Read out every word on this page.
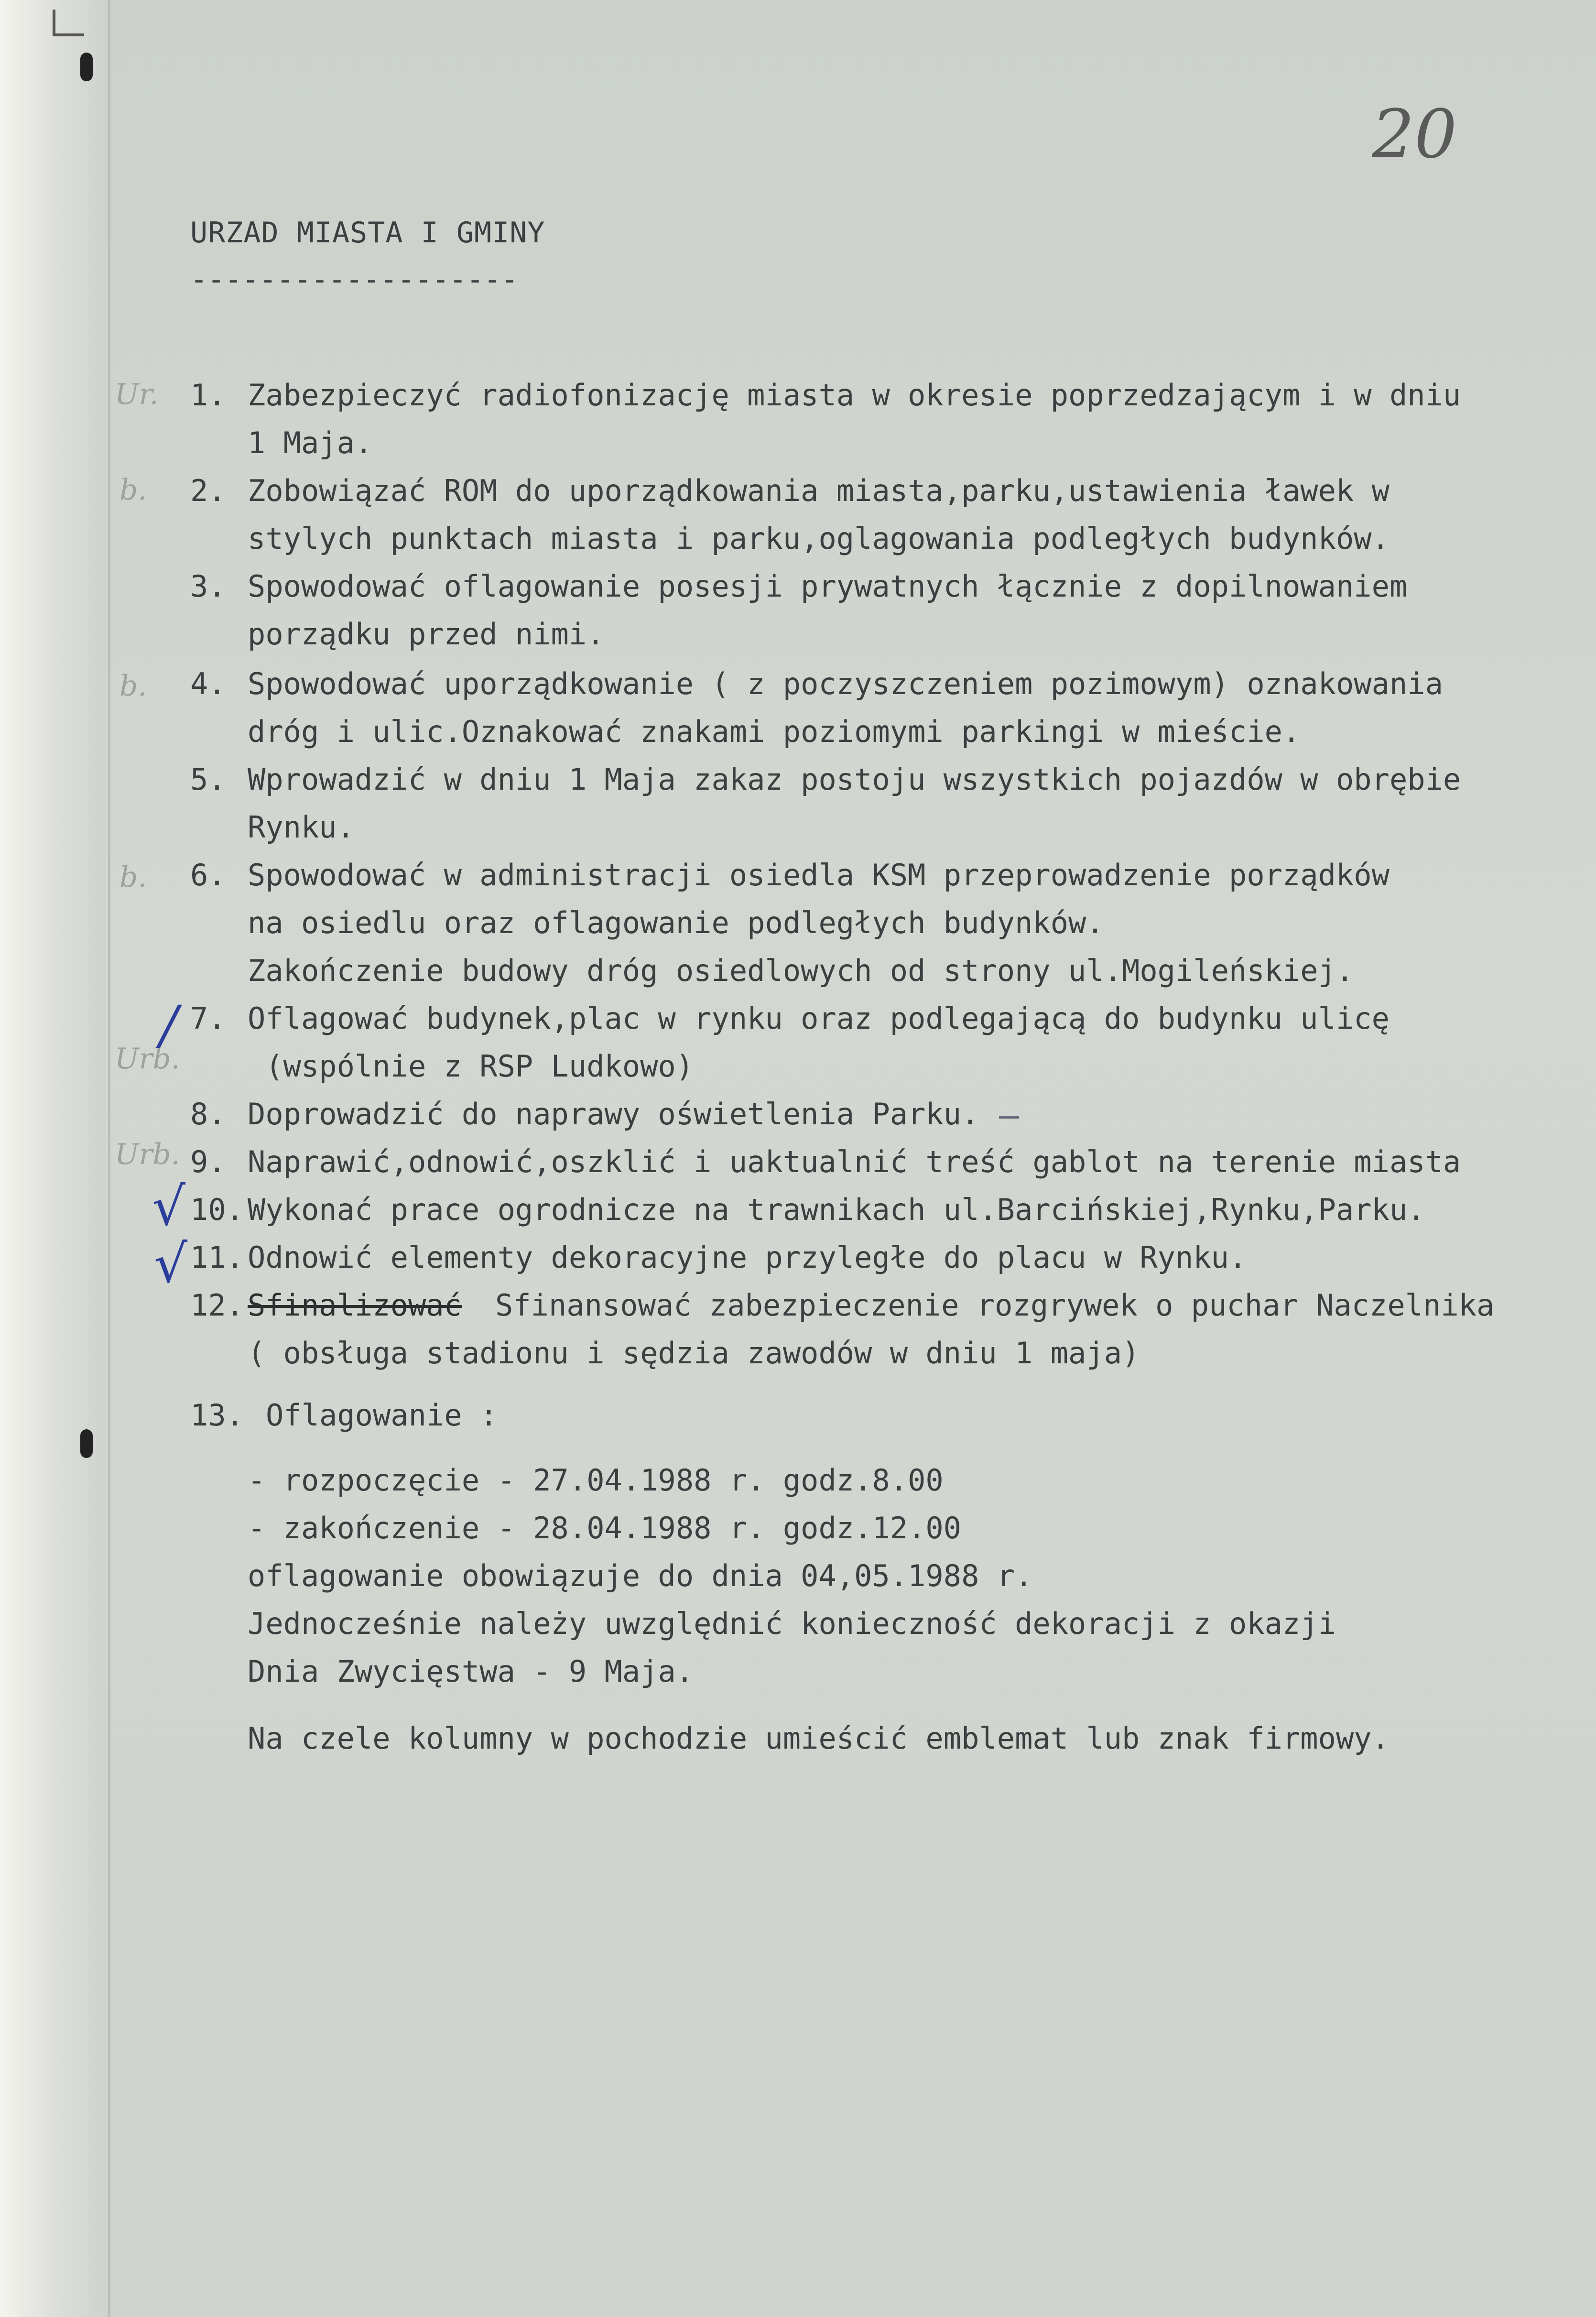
20
URZAD MIASTA I GMINY
-------------------
Ur.
b.
b.
b.
Urb.
Urb.
/
√
√
1. Zabezpieczyć radiofonizację miasta w okresie poprzedzającym i w dniu
1 Maja.
2. Zobowiązać ROM do uporządkowania miasta,parku,ustawienia ławek w
stylych punktach miasta i parku,oglagowania podległych budynków.
3. Spowodować oflagowanie posesji prywatnych łącznie z dopilnowaniem
porządku przed nimi.
4. Spowodować uporządkowanie ( z poczyszczeniem pozimowym) oznakowania
dróg i ulic.Oznakować znakami poziomymi parkingi w mieście.
5. Wprowadzić w dniu 1 Maja zakaz postoju wszystkich pojazdów w obrębie
Rynku.
6. Spowodować w administracji osiedla KSM przeprowadzenie porządków
na osiedlu oraz oflagowanie podległych budynków.
Zakończenie budowy dróg osiedlowych od strony ul.Mogileńskiej.
7. Oflagować budynek,plac w rynku oraz podlegającą do budynku ulicę
(wspólnie z RSP Ludkowo)
8. Doprowadzić do naprawy oświetlenia Parku. –
9. Naprawić,odnowić,oszklić i uaktualnić treść gablot na terenie miasta
10. Wykonać prace ogrodnicze na trawnikach ul.Barcińskiej,Rynku,Parku.
11. Odnowić elementy dekoracyjne przyległe do placu w Rynku.
12. Sfinalizować Sfinansować zabezpieczenie rozgrywek o puchar Naczelnika
( obsługa stadionu i sędzia zawodów w dniu 1 maja)
13. Oflagowanie :
- rozpoczęcie - 27.04.1988 r. godz.8.00
- zakończenie - 28.04.1988 r. godz.12.00
oflagowanie obowiązuje do dnia 04,05.1988 r.
Jednocześnie należy uwzględnić konieczność dekoracji z okazji
Dnia Zwycięstwa - 9 Maja.
Na czele kolumny w pochodzie umieścić emblemat lub znak firmowy.
